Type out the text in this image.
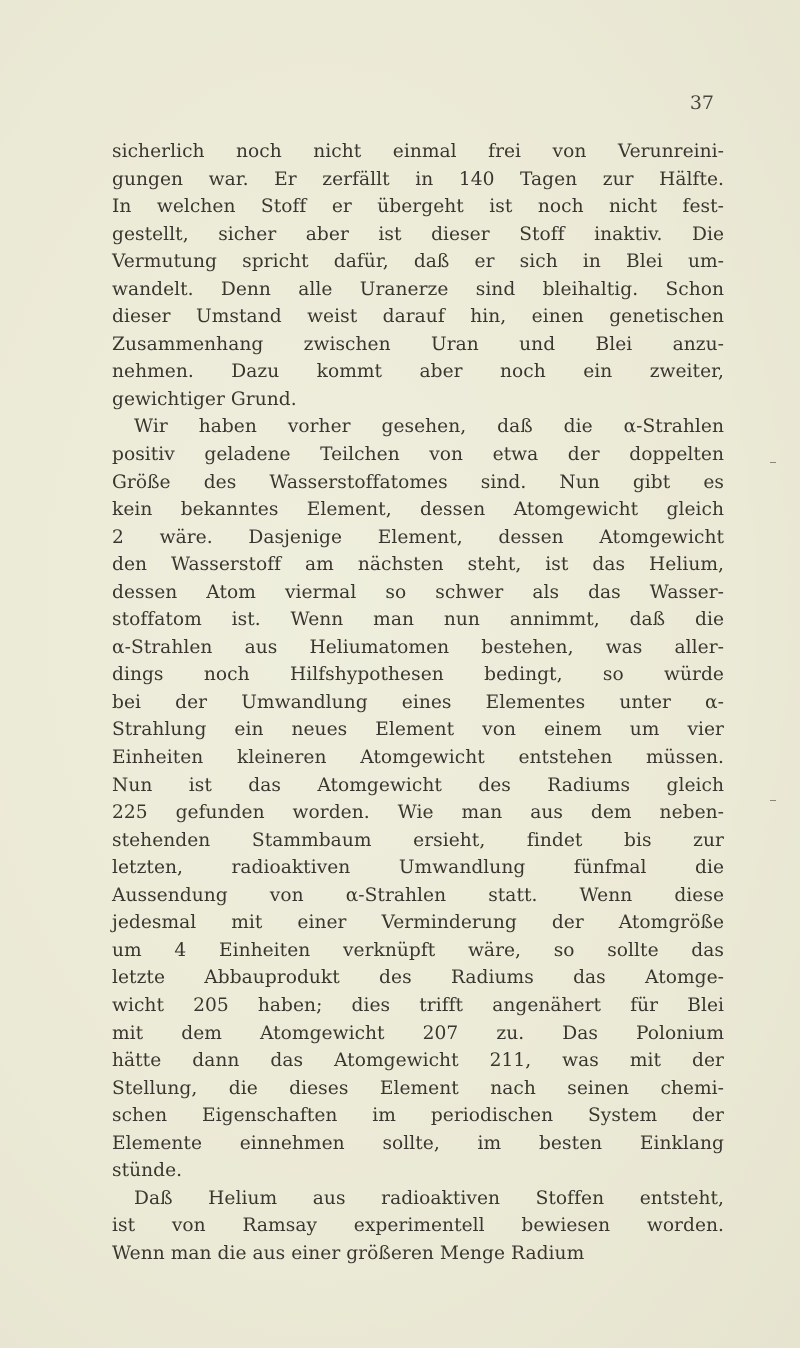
37
sicherlich noch nicht einmal frei von Verunreini-
gungen war. Er zerfällt in 140 Tagen zur Hälfte.
In welchen Stoff er übergeht ist noch nicht fest-
gestellt, sicher aber ist dieser Stoff inaktiv. Die
Vermutung spricht dafür, daß er sich in Blei um-
wandelt. Denn alle Uranerze sind bleihaltig. Schon
dieser Umstand weist darauf hin, einen genetischen
Zusammenhang zwischen Uran und Blei anzu-
nehmen. Dazu kommt aber noch ein zweiter,
gewichtiger Grund.
Wir haben vorher gesehen, daß die α-Strahlen
positiv geladene Teilchen von etwa der doppelten
Größe des Wasserstoffatomes sind. Nun gibt es
kein bekanntes Element, dessen Atomgewicht gleich
2 wäre. Dasjenige Element, dessen Atomgewicht
den Wasserstoff am nächsten steht, ist das Helium,
dessen Atom viermal so schwer als das Wasser-
stoffatom ist. Wenn man nun annimmt, daß die
α-Strahlen aus Heliumatomen bestehen, was aller-
dings noch Hilfshypothesen bedingt, so würde
bei der Umwandlung eines Elementes unter α-
Strahlung ein neues Element von einem um vier
Einheiten kleineren Atomgewicht entstehen müssen.
Nun ist das Atomgewicht des Radiums gleich
225 gefunden worden. Wie man aus dem neben-
stehenden Stammbaum ersieht, findet bis zur
letzten, radioaktiven Umwandlung fünfmal die
Aussendung von α-Strahlen statt. Wenn diese
jedesmal mit einer Verminderung der Atomgröße
um 4 Einheiten verknüpft wäre, so sollte das
letzte Abbauprodukt des Radiums das Atomge-
wicht 205 haben; dies trifft angenähert für Blei
mit dem Atomgewicht 207 zu. Das Polonium
hätte dann das Atomgewicht 211, was mit der
Stellung, die dieses Element nach seinen chemi-
schen Eigenschaften im periodischen System der
Elemente einnehmen sollte, im besten Einklang
stünde.
Daß Helium aus radioaktiven Stoffen entsteht,
ist von Ramsay experimentell bewiesen worden.
Wenn man die aus einer größeren Menge Radium
